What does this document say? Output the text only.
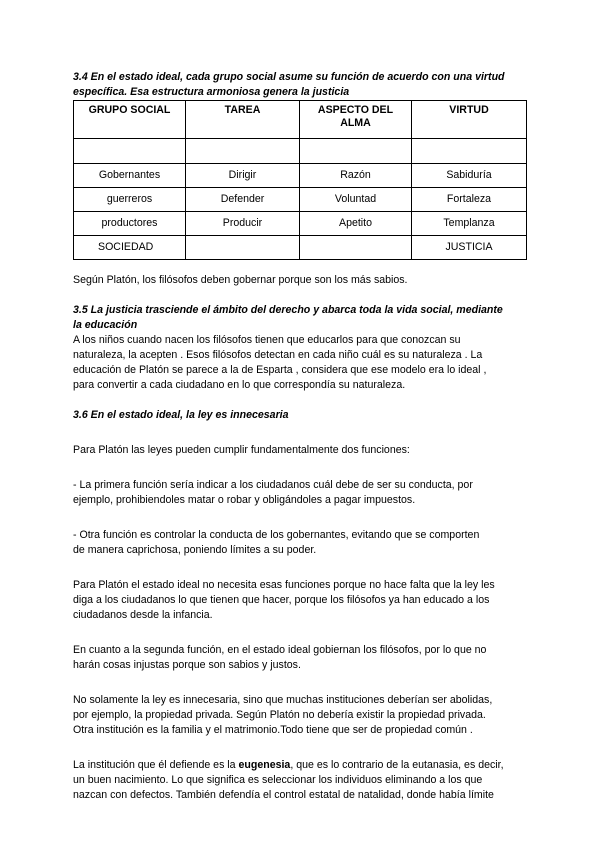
3.4 En el estado ideal, cada grupo social asume su función de acuerdo con una virtud
específica. Esa estructura armoniosa genera la justicia

GRUPO SOCIAL	TAREA	ASPECTO DEL ALMA	VIRTUD

Gobernantes	Dirigir	Razón	Sabiduría
guerreros	Defender	Voluntad	Fortaleza
productores	Producir	Apetito	Templanza
SOCIEDAD			JUSTICIA

Según Platón, los filósofos deben gobernar porque son los más sabios.

3.5 La justicia trasciende el ámbito del derecho y abarca toda la vida social, mediante
la educación

A los niños cuando nacen los filósofos tienen que educarlos para que conozcan su
naturaleza, la acepten . Esos filósofos detectan en cada niño cuál es su naturaleza . La
educación de Platón se parece a la de Esparta , considera que ese modelo era lo ideal ,
para convertir a cada ciudadano en lo que correspondía su naturaleza.

3.6 En el estado ideal, la ley es innecesaria

Para Platón las leyes pueden cumplir fundamentalmente dos funciones:

- La primera función sería indicar a los ciudadanos cuál debe de ser su conducta, por
ejemplo, prohibiendoles matar o robar y obligándoles a pagar impuestos.

- Otra función es controlar la conducta de los gobernantes, evitando que se comporten
de manera caprichosa, poniendo límites a su poder.

Para Platón el estado ideal no necesita esas funciones porque no hace falta que la ley les
diga a los ciudadanos lo que tienen que hacer, porque los filósofos ya han educado a los
ciudadanos desde la infancia.

En cuanto a la segunda función, en el estado ideal gobiernan los filósofos, por lo que no
harán cosas injustas porque son sabios y justos.

No solamente la ley es innecesaria, sino que muchas instituciones deberían ser abolidas,
por ejemplo, la propiedad privada. Según Platón no debería existir la propiedad privada.
Otra institución es la familia y el matrimonio.Todo tiene que ser de propiedad común .

La institución que él defiende es la eugenesia, que es lo contrario de la eutanasia, es decir,
un buen nacimiento. Lo que significa es seleccionar los individuos eliminando a los que
nazcan con defectos. También defendía el control estatal de natalidad, donde había límite
